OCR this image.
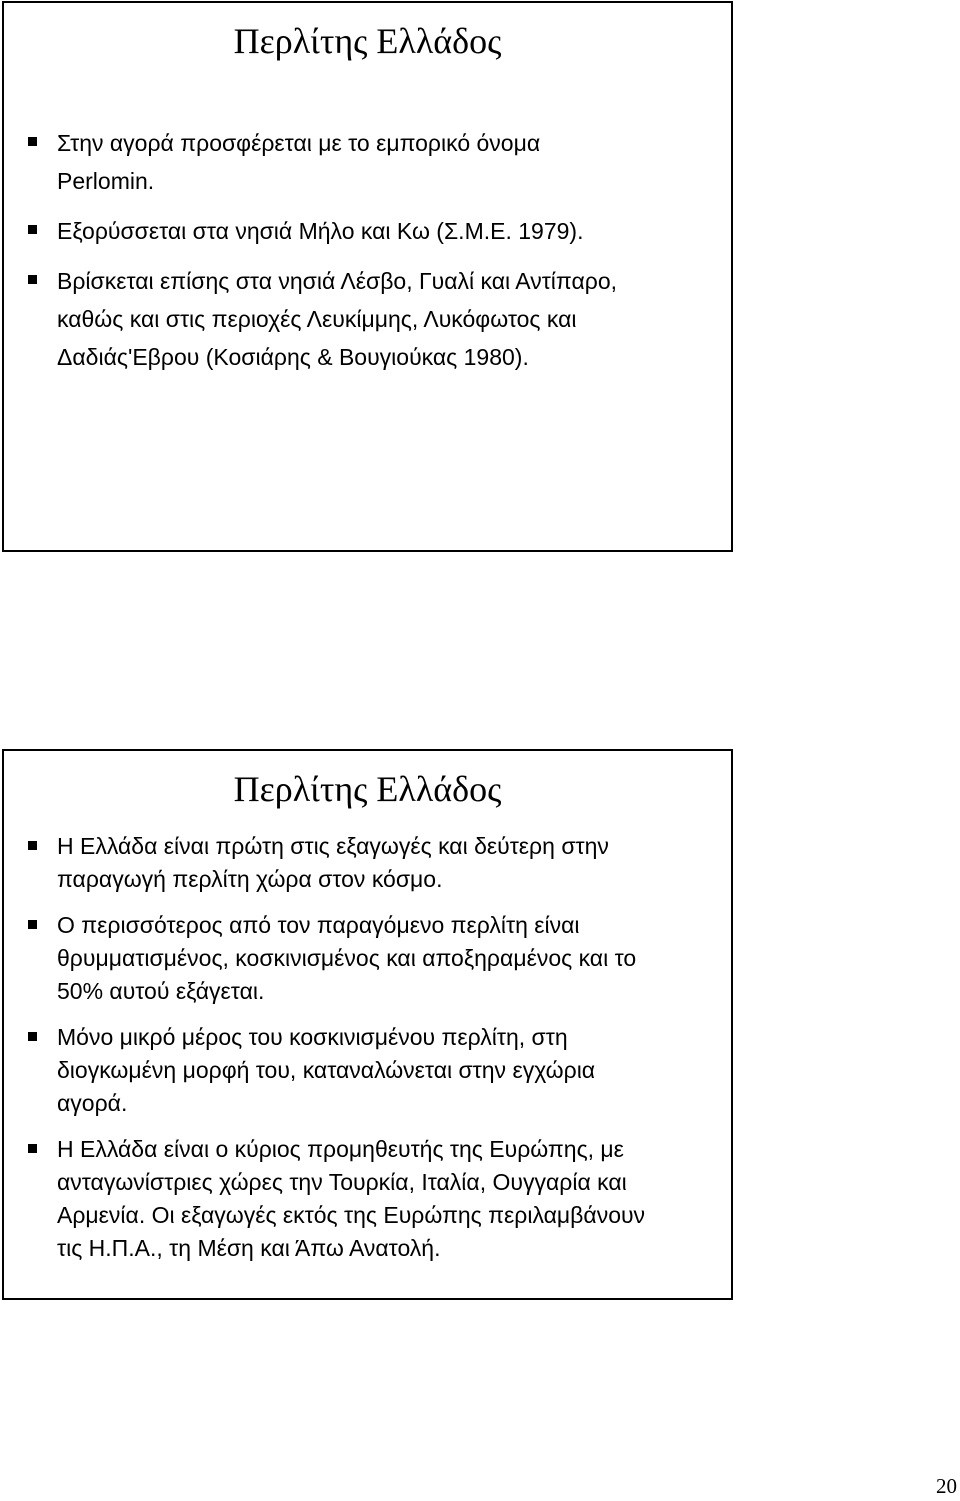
Περλίτης Ελλάδος
Στην αγορά προσφέρεται με το εμπορικό όνομα
Perlomin.
Εξορύσσεται στα νησιά Μήλο και Κω (Σ.Μ.Ε. 1979).
Βρίσκεται επίσης στα νησιά Λέσβο, Γυαλί και Αντίπαρο,
καθώς και στις περιοχές Λευκίμμης, Λυκόφωτος και
Δαδιάς'Εβρου (Κοσιάρης & Βουγιούκας 1980).
Περλίτης Ελλάδος
Η Ελλάδα είναι πρώτη στις εξαγωγές και δεύτερη στην
παραγωγή περλίτη χώρα στον κόσμο.
Ο περισσότερος από τον παραγόμενο περλίτη είναι
θρυμματισμένος, κοσκινισμένος και αποξηραμένος και το
50% αυτού εξάγεται.
Μόνο μικρό μέρος του κοσκινισμένου περλίτη, στη
διογκωμένη μορφή του, καταναλώνεται στην εγχώρια
αγορά.
Η Ελλάδα είναι ο κύριος προμηθευτής της Ευρώπης, με
ανταγωνίστριες χώρες την Τουρκία, Ιταλία, Ουγγαρία και
Αρμενία. Οι εξαγωγές εκτός της Ευρώπης περιλαμβάνουν
τις Η.Π.Α., τη Μέση και Άπω Ανατολή.
20
